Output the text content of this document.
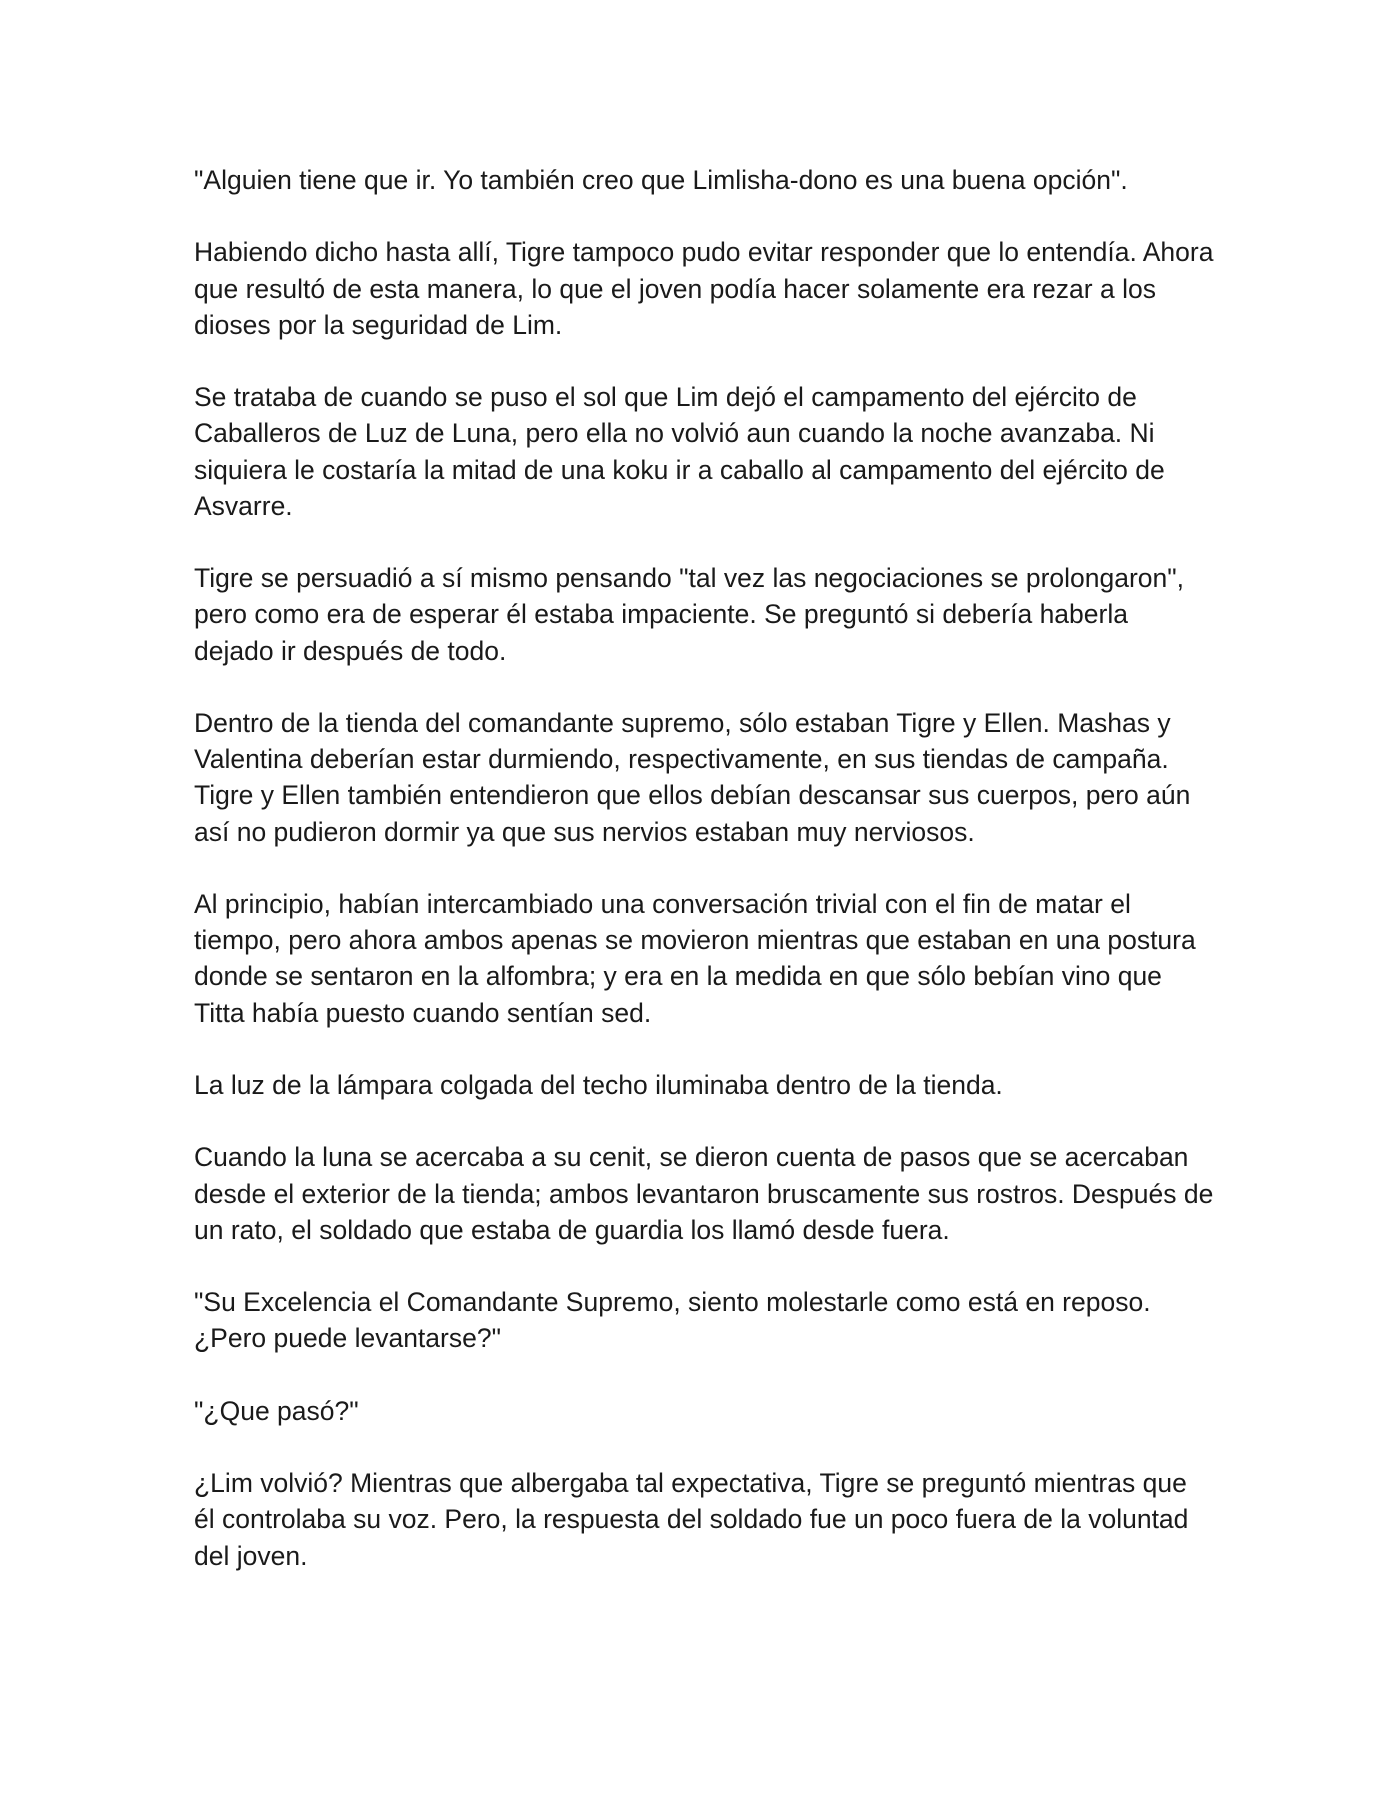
"Alguien tiene que ir. Yo también creo que Limlisha-dono es una buena opción".

Habiendo dicho hasta allí, Tigre tampoco pudo evitar responder que lo entendía. Ahora que resultó de esta manera, lo que el joven podía hacer solamente era rezar a los dioses por la seguridad de Lim.

Se trataba de cuando se puso el sol que Lim dejó el campamento del ejército de Caballeros de Luz de Luna, pero ella no volvió aun cuando la noche avanzaba. Ni siquiera le costaría la mitad de una koku ir a caballo al campamento del ejército de Asvarre.

Tigre se persuadió a sí mismo pensando "tal vez las negociaciones se prolongaron", pero como era de esperar él estaba impaciente. Se preguntó si debería haberla dejado ir después de todo.

Dentro de la tienda del comandante supremo, sólo estaban Tigre y Ellen. Mashas y Valentina deberían estar durmiendo, respectivamente, en sus tiendas de campaña. Tigre y Ellen también entendieron que ellos debían descansar sus cuerpos, pero aún así no pudieron dormir ya que sus nervios estaban muy nerviosos.

Al principio, habían intercambiado una conversación trivial con el fin de matar el tiempo, pero ahora ambos apenas se movieron mientras que estaban en una postura donde se sentaron en la alfombra; y era en la medida en que sólo bebían vino que Titta había puesto cuando sentían sed.

La luz de la lámpara colgada del techo iluminaba dentro de la tienda.

Cuando la luna se acercaba a su cenit, se dieron cuenta de pasos que se acercaban desde el exterior de la tienda; ambos levantaron bruscamente sus rostros. Después de un rato, el soldado que estaba de guardia los llamó desde fuera.

"Su Excelencia el Comandante Supremo, siento molestarle como está en reposo. ¿Pero puede levantarse?"

"¿Que pasó?"

¿Lim volvió? Mientras que albergaba tal expectativa, Tigre se preguntó mientras que él controlaba su voz. Pero, la respuesta del soldado fue un poco fuera de la voluntad del joven.
